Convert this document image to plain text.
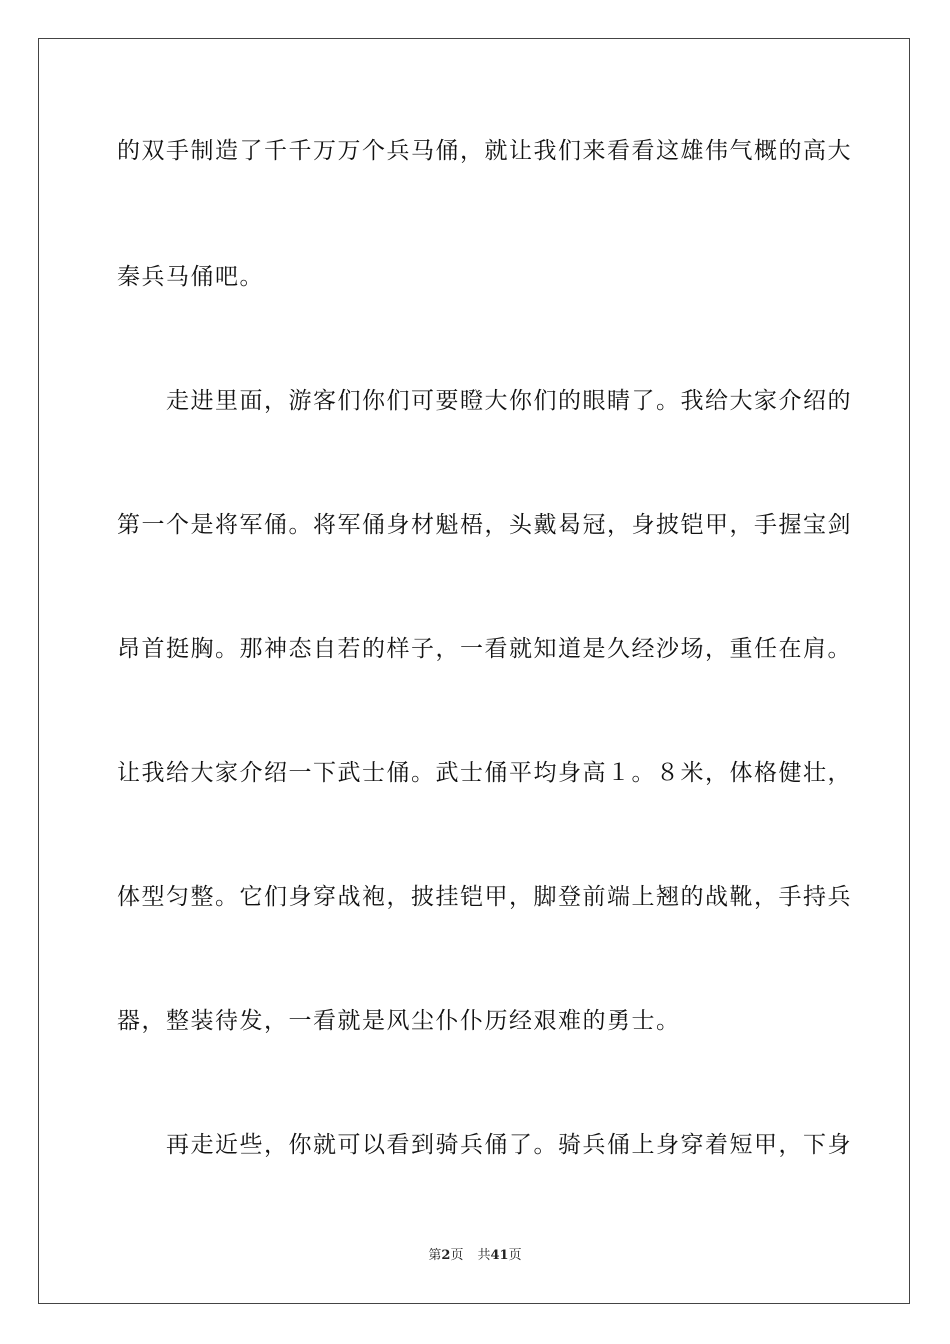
的双手制造了千千万万个兵马俑，就让我们来看看这雄伟气概的高大
秦兵马俑吧。
　　走进里面，游客们你们可要瞪大你们的眼睛了。我给大家介绍的
第一个是将军俑。将军俑身材魁梧，头戴曷冠，身披铠甲，手握宝剑
昂首挺胸。那神态自若的样子，一看就知道是久经沙场，重任在肩。
让我给大家介绍一下武士俑。武士俑平均身高１。８米，体格健壮，
体型匀整。它们身穿战袍，披挂铠甲，脚登前端上翘的战靴，手持兵
器，整装待发，一看就是风尘仆仆历经艰难的勇士。
　　再走近些，你就可以看到骑兵俑了。骑兵俑上身穿着短甲，下身
第2页 共41页
